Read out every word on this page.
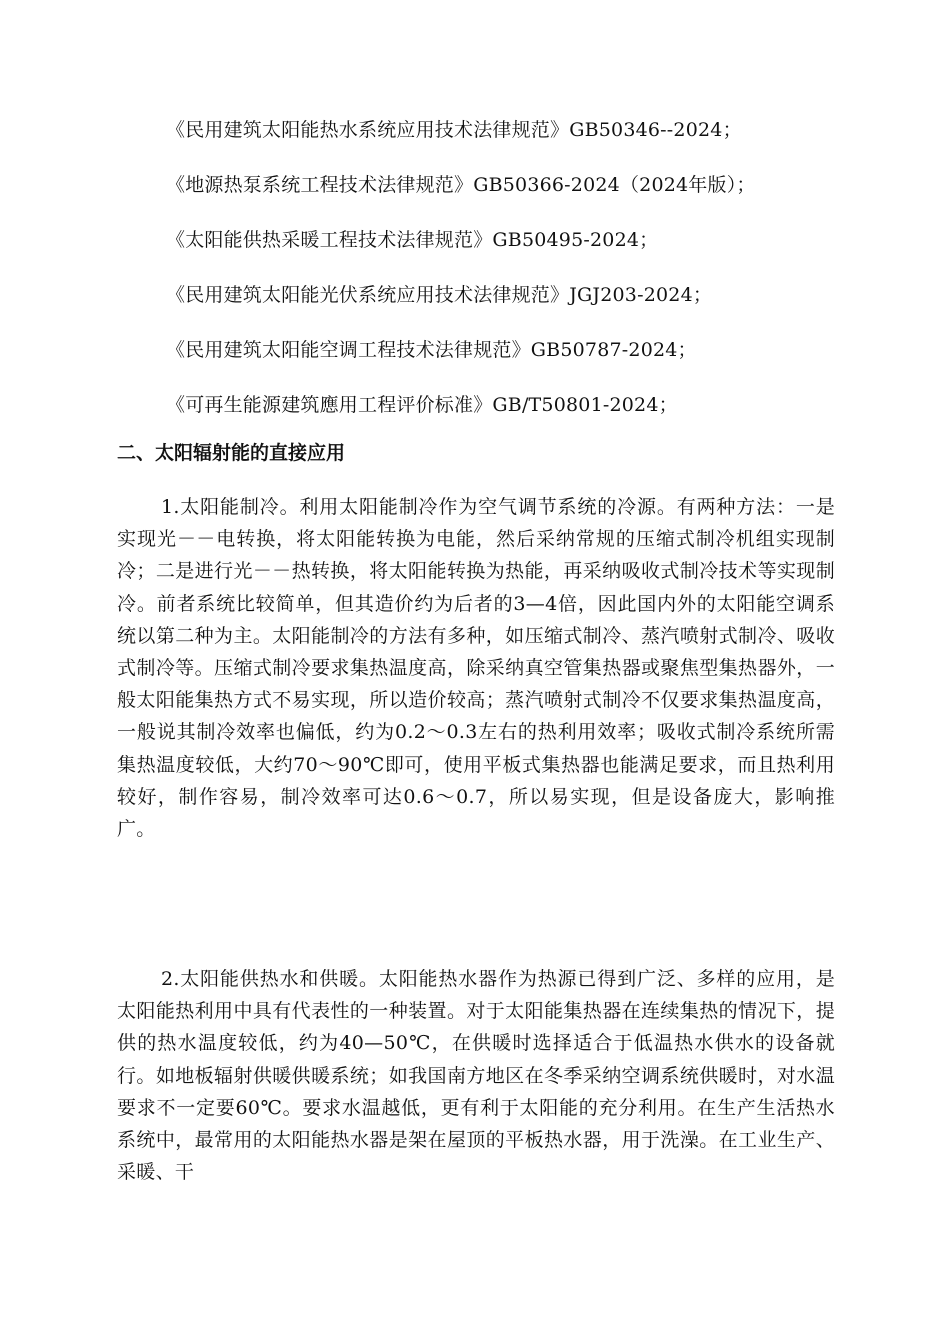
《民用建筑太阳能热水系统应用技术法律规范》GB50346--2024；
《地源热泵系统工程技术法律规范》GB50366-2024（2024年版）；
《太阳能供热采暖工程技术法律规范》GB50495-2024；
《民用建筑太阳能光伏系统应用技术法律规范》JGJ203-2024；
《民用建筑太阳能空调工程技术法律规范》GB50787-2024；
《可再生能源建筑應用工程评价标准》GB/T50801-2024；
二、太阳辐射能的直接应用

1.太阳能制冷。利用太阳能制冷作为空气调节系统的冷源。有两种方法：一是实现光－－电转换，将太阳能转换为电能，然后采纳常规的压缩式制冷机组实现制冷；二是进行光－－热转换，将太阳能转换为热能，再采纳吸收式制冷技术等实现制冷。前者系统比较简单，但其造价约为后者的3—4倍，因此国内外的太阳能空调系统以第二种为主。太阳能制冷的方法有多种，如压缩式制冷、蒸汽喷射式制冷、吸收式制冷等。压缩式制冷要求集热温度高，除采纳真空管集热器或聚焦型集热器外，一般太阳能集热方式不易实现，所以造价较高；蒸汽喷射式制冷不仅要求集热温度高，一般说其制冷效率也偏低，约为0.2～0.3左右的热利用效率；吸收式制冷系统所需集热温度较低，大约70～90℃即可，使用平板式集热器也能满足要求，而且热利用较好，制作容易，制冷效率可达0.6～0.7，所以易实现，但是设备庞大，影响推广。

2.太阳能供热水和供暖。太阳能热水器作为热源已得到广泛、多样的应用，是太阳能热利用中具有代表性的一种装置。对于太阳能集热器在连续集热的情况下，提供的热水温度较低，约为40—50℃，在供暖时选择适合于低温热水供水的设备就行。如地板辐射供暖供暖系统；如我国南方地区在冬季采纳空调系统供暖时，对水温要求不一定要60℃。要求水温越低，更有利于太阳能的充分利用。在生产生活热水系统中，最常用的太阳能热水器是架在屋顶的平板热水器，用于洗澡。在工业生产、采暖、干
